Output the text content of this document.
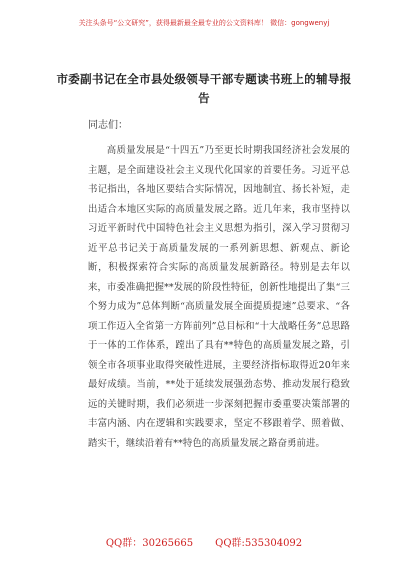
关注头条号“公文研究”，获得最新最全最专业的公文资料库！ 微信：gongwenyj
市委副书记在全市县处级领导干部专题读书班上的辅导报告
同志们：
高质量发展是“十四五”乃至更长时期我国经济社会发展的主题，是全面建设社会主义现代化国家的首要任务。习近平总书记指出，各地区要结合实际情况，因地制宜、扬长补短，走出适合本地区实际的高质量发展之路。近几年来，我市坚持以习近平新时代中国特色社会主义思想为指引，深入学习贯彻习近平总书记关于高质量发展的一系列新思想、新观点、新论断，积极探索符合实际的高质量发展新路径。特别是去年以来，市委准确把握**发展的阶段性特征，创新性地提出了集“三个努力成为”总体判断“高质量发展全面提质提速”总要求、“各项工作迈入全省第一方阵前列”总目标和“十大战略任务”总思路于一体的工作体系，蹚出了具有**特色的高质量发展之路，引领全市各项事业取得突破性进展，主要经济指标取得近20年来最好成绩。当前，**处于延续发展强劲态势、推动发展行稳致远的关键时期，我们必须进一步深刻把握市委重要决策部署的丰富内涵、内在逻辑和实践要求，坚定不移跟着学、照着做、踏实干，继续沿着有**特色的高质量发展之路奋勇前进。
QQ群：30265665 QQ群:535304092
